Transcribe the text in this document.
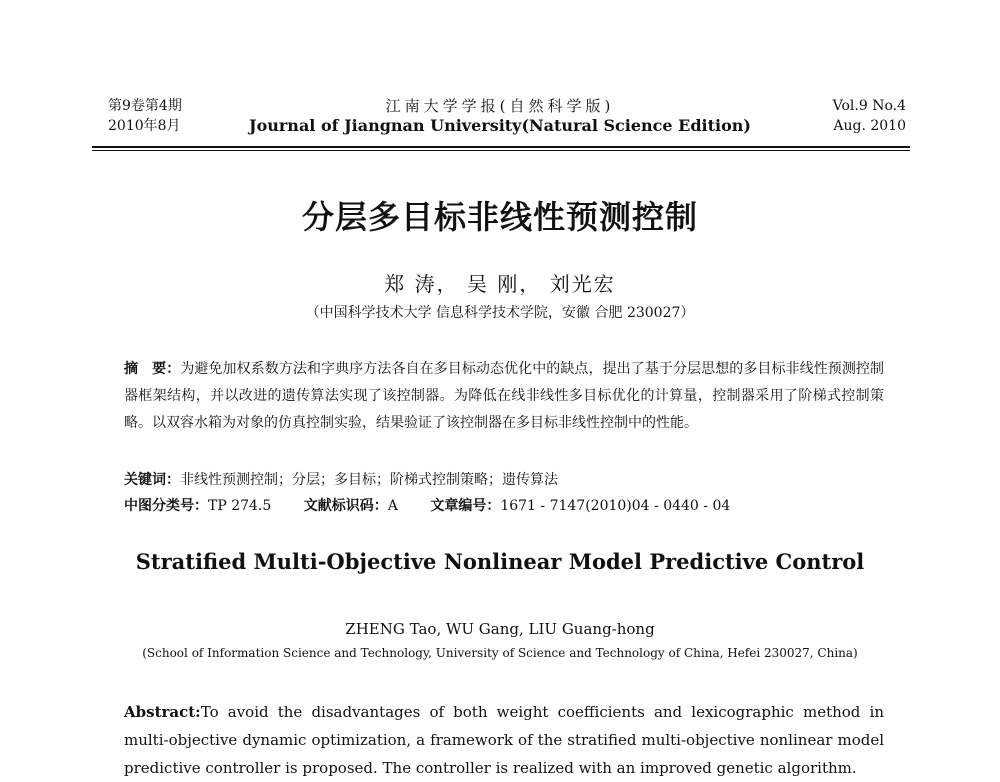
第9卷第4期
2010年8月
江南大学学报(自然科学版)
Journal of Jiangnan University(Natural Science Edition)
Vol.9 No.4
Aug. 2010
分层多目标非线性预测控制
郑 涛， 吴 刚， 刘光宏
（中国科学技术大学 信息科学技术学院，安徽 合肥 230027）
摘　要：为避免加权系数方法和字典序方法各自在多目标动态优化中的缺点，提出了基于分层思想的多目标非线性预测控制器框架结构，并以改进的遗传算法实现了该控制器。为降低在线非线性多目标优化的计算量，控制器采用了阶梯式控制策略。以双容水箱为对象的仿真控制实验，结果验证了该控制器在多目标非线性控制中的性能。
关键词：非线性预测控制；分层；多目标；阶梯式控制策略；遗传算法
中图分类号：TP 274.5 文献标识码：A 文章编号：1671 - 7147(2010)04 - 0440 - 04
Stratified Multi-Objective Nonlinear Model Predictive Control
ZHENG Tao, WU Gang, LIU Guang-hong
(School of Information Science and Technology, University of Science and Technology of China, Hefei 230027, China)
Abstract:To avoid the disadvantages of both weight coefficients and lexicographic method in multi-objective dynamic optimization, a framework of the stratified multi-objective nonlinear model predictive controller is proposed. The controller is realized with an improved genetic algorithm.
